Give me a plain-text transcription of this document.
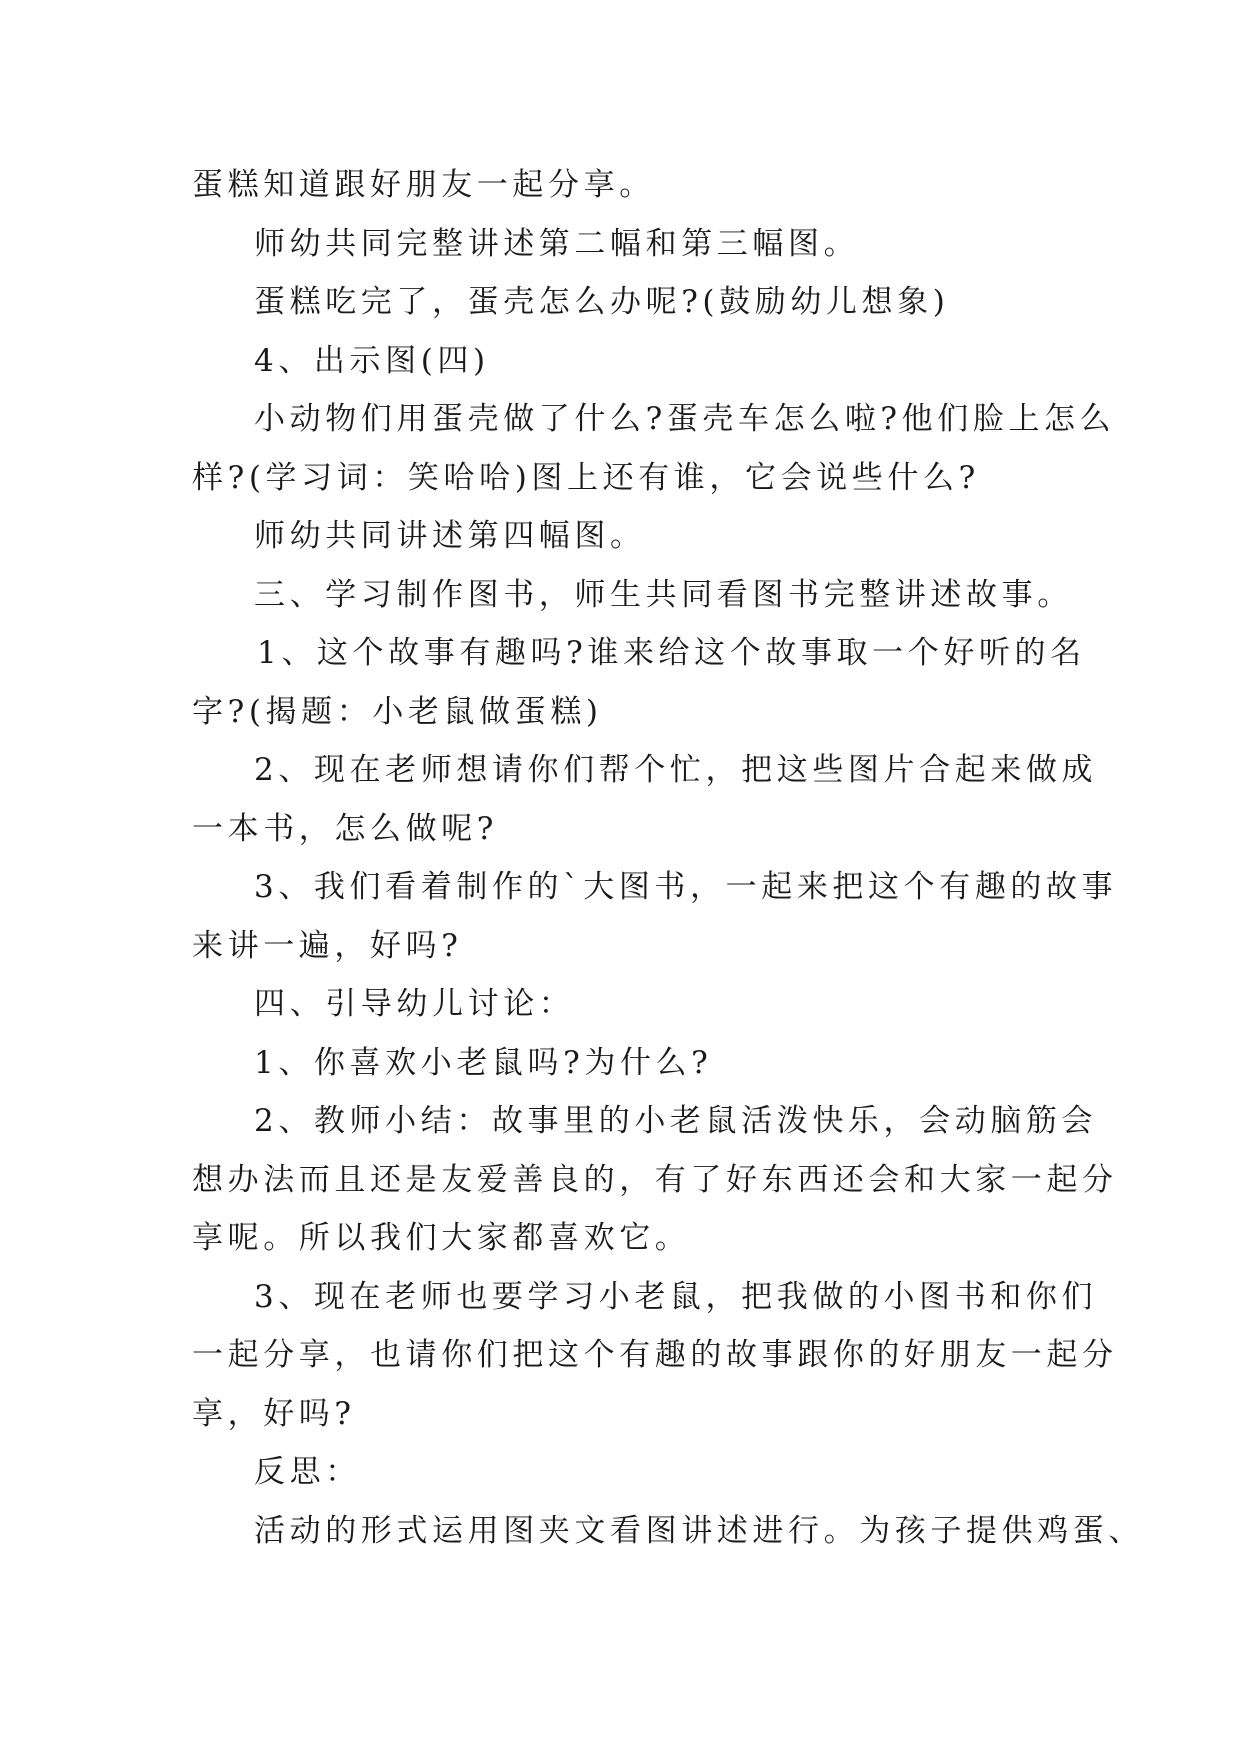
蛋糕知道跟好朋友一起分享。
师幼共同完整讲述第二幅和第三幅图。
蛋糕吃完了，蛋壳怎么办呢?(鼓励幼儿想象)
4、出示图(四)
小动物们用蛋壳做了什么?蛋壳车怎么啦?他们脸上怎么
样?(学习词：笑哈哈)图上还有谁，它会说些什么?
师幼共同讲述第四幅图。
三、学习制作图书，师生共同看图书完整讲述故事。
1、这个故事有趣吗?谁来给这个故事取一个好听的名
字?(揭题：小老鼠做蛋糕)
2、现在老师想请你们帮个忙，把这些图片合起来做成
一本书，怎么做呢?
3、我们看着制作的`大图书，一起来把这个有趣的故事
来讲一遍，好吗?
四、引导幼儿讨论：
1、你喜欢小老鼠吗?为什么?
2、教师小结：故事里的小老鼠活泼快乐，会动脑筋会
想办法而且还是友爱善良的，有了好东西还会和大家一起分
享呢。所以我们大家都喜欢它。
3、现在老师也要学习小老鼠，把我做的小图书和你们
一起分享，也请你们把这个有趣的故事跟你的好朋友一起分
享，好吗?
反思：
活动的形式运用图夹文看图讲述进行。为孩子提供鸡蛋、
